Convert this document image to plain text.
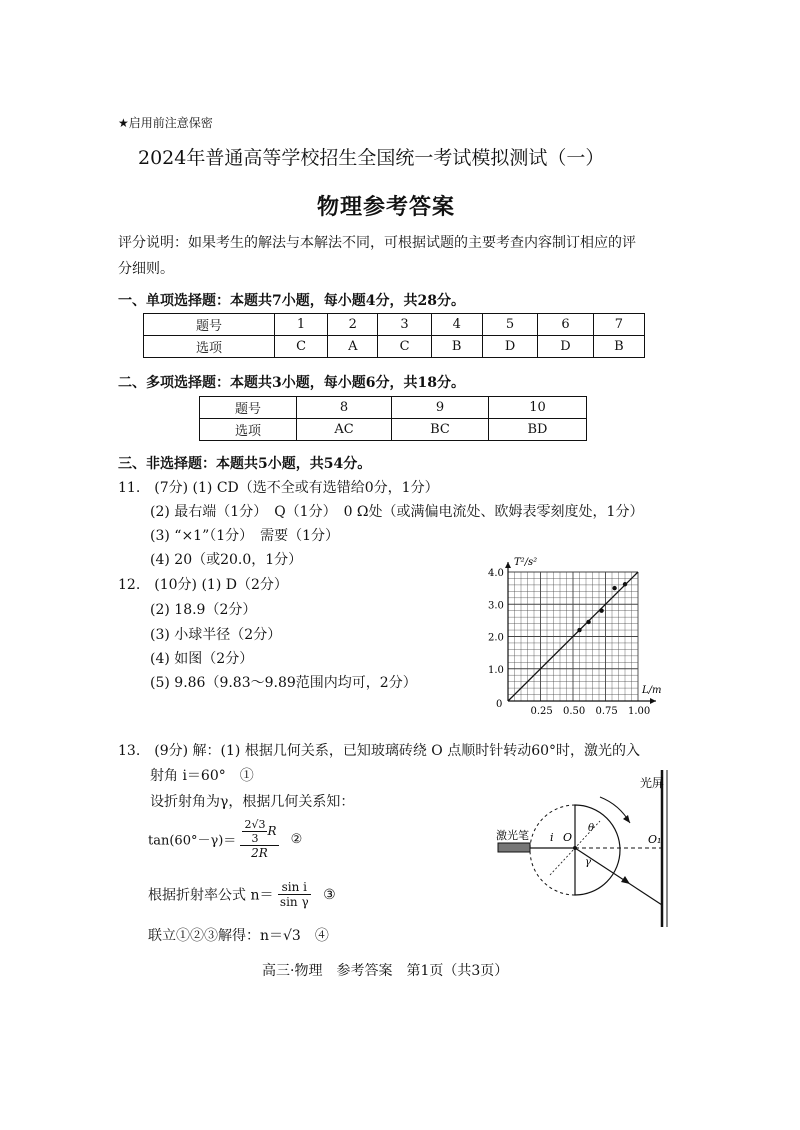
★启用前注意保密
2024年普通高等学校招生全国统一考试模拟测试（一）
物理参考答案
评分说明：如果考生的解法与本解法不同，可根据试题的主要考查内容制订相应的评
分细则。
一、单项选择题：本题共7小题，每小题4分，共28分。
题号	1	2	3	4	5	6	7
选项	C	A	C	B	D	D	B
二、多项选择题：本题共3小题，每小题6分，共18分。
题号	8	9	10
选项	AC	BC	BD
三、非选择题：本题共5小题，共54分。
11.　(7分) (1) CD（选不全或有选错给0分，1分）
(2) 最右端（1分）　Q（1分）　0 Ω处（或满偏电流处、欧姆表零刻度处，1分）
(3) “×1”（1分）　需要（1分）
(4) 20（或20.0，1分）
12.　(10分) (1) D（2分）
(2) 18.9（2分）
(3) 小球半径（2分）
(4) 如图（2分）
(5) 9.86（9.83～9.89范围内均可，2分）
0.25 0.50 0.75 1.00
1.0
2.0
3.0
4.0
T²/s²
L/m
0
13.　(9分) 解：(1) 根据几何关系，已知玻璃砖绕 O 点顺时针转动60°时，激光的入
射角 i＝60°　①
设折射角为γ，根据几何关系知：
$\tan(60^\circ-\gamma)= \frac{\frac{2√3}{3} R}{2R}$ ②
根据折射率公式 $n= \frac{\text{sin i}}{\text{sin γ}}$ ③
联立①②③解得：n＝√3　④
光屏
激光笔 i O
θ
γ
O₁
高三·物理　参考答案　第1页（共3页）
